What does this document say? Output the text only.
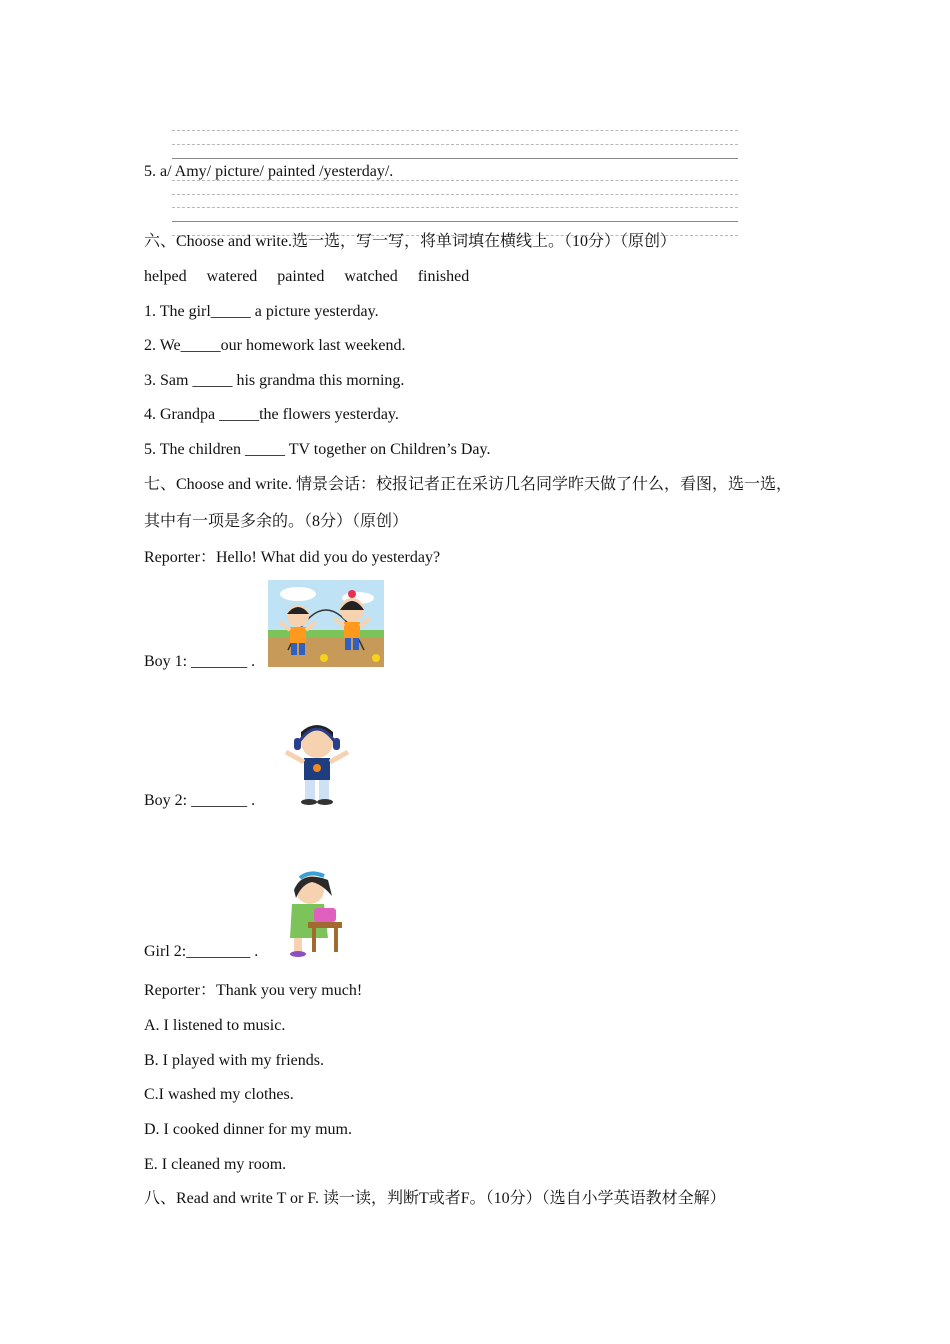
5. a/ Amy/ picture/ painted /yesterday/.
六、Choose and write.选一选，写一写，将单词填在横线上。（10分）（原创）
helped watered painted watched finished
1. The girl_____ a picture yesterday.
2. We_____our homework last weekend.
3. Sam _____ his grandma this morning.
4. Grandpa _____the flowers yesterday.
5. The children _____ TV together on Children’s Day.
七、Choose and write. 情景会话：校报记者正在采访几名同学昨天做了什么，看图，选一选，
其中有一项是多余的。（8分）（原创）
Reporter：Hello! What did you do yesterday?
Boy 1: _______ .
Boy 2: _______ .
Girl 2:________ .
Reporter：Thank you very much!
A. I listened to music.
B. I played with my friends.
C.I washed my clothes.
D. I cooked dinner for my mum.
E. I cleaned my room.
八、Read and write T or F. 读一读，判断T或者F。（10分）（选自小学英语教材全解）
